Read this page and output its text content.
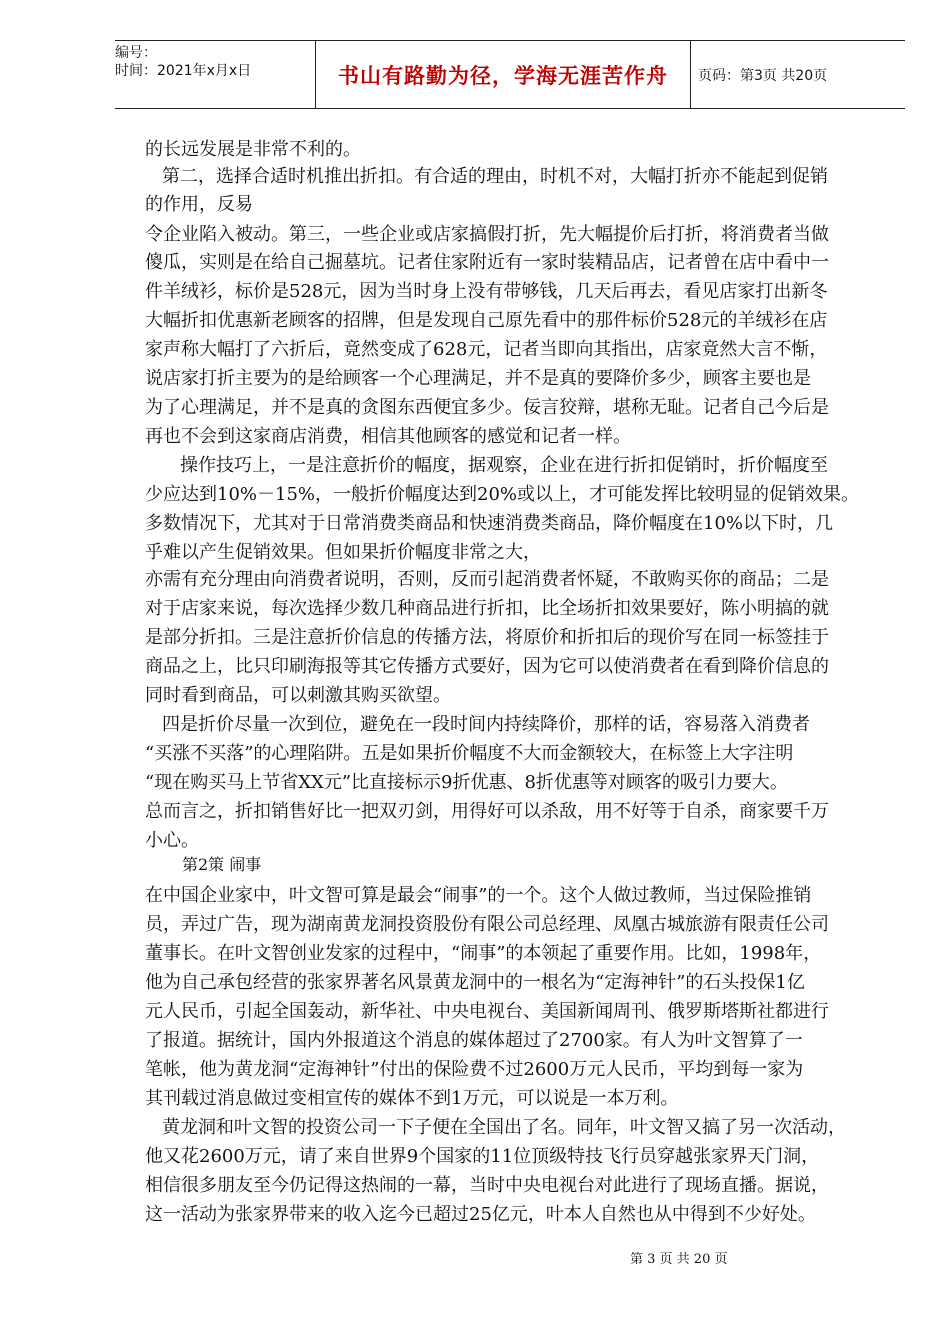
编号：
时间：2021年x月x日	书山有路勤为径，学海无涯苦作舟	页码：第3页 共20页
的长远发展是非常不利的。
第二，选择合适时机推出折扣。有合适的理由，时机不对，大幅打折亦不能起到促销
的作用，反易
令企业陷入被动。第三，一些企业或店家搞假打折，先大幅提价后打折，将消费者当做
傻瓜，实则是在给自己掘墓坑。记者住家附近有一家时装精品店，记者曾在店中看中一
件羊绒衫，标价是528元，因为当时身上没有带够钱，几天后再去，看见店家打出新冬
大幅折扣优惠新老顾客的招牌，但是发现自己原先看中的那件标价528元的羊绒衫在店
家声称大幅打了六折后，竟然变成了628元，记者当即向其指出，店家竟然大言不惭，
说店家打折主要为的是给顾客一个心理满足，并不是真的要降价多少，顾客主要也是
为了心理满足，并不是真的贪图东西便宜多少。佞言狡辩，堪称无耻。记者自己今后是
再也不会到这家商店消费，相信其他顾客的感觉和记者一样。
操作技巧上，一是注意折价的幅度，据观察，企业在进行折扣促销时，折价幅度至
少应达到10%－15%，一般折价幅度达到20%或以上，才可能发挥比较明显的促销效果。
多数情况下，尤其对于日常消费类商品和快速消费类商品，降价幅度在10%以下时，几
乎难以产生促销效果。但如果折价幅度非常之大，
亦需有充分理由向消费者说明，否则，反而引起消费者怀疑，不敢购买你的商品；二是
对于店家来说，每次选择少数几种商品进行折扣，比全场折扣效果要好，陈小明搞的就
是部分折扣。三是注意折价信息的传播方法，将原价和折扣后的现价写在同一标签挂于
商品之上，比只印刷海报等其它传播方式要好，因为它可以使消费者在看到降价信息的
同时看到商品，可以刺激其购买欲望。
四是折价尽量一次到位，避免在一段时间内持续降价，那样的话，容易落入消费者
“买涨不买落”的心理陷阱。五是如果折价幅度不大而金额较大，在标签上大字注明
“现在购买马上节省XX元”比直接标示9折优惠、8折优惠等对顾客的吸引力要大。
总而言之，折扣销售好比一把双刃剑，用得好可以杀敌，用不好等于自杀，商家要千万
小心。
第2策 闹事
在中国企业家中，叶文智可算是最会“闹事”的一个。这个人做过教师，当过保险推销
员，弄过广告，现为湖南黄龙洞投资股份有限公司总经理、凤凰古城旅游有限责任公司
董事长。在叶文智创业发家的过程中，“闹事”的本领起了重要作用。比如，1998年，
他为自己承包经营的张家界著名风景黄龙洞中的一根名为“定海神针”的石头投保1亿
元人民币，引起全国轰动，新华社、中央电视台、美国新闻周刊、俄罗斯塔斯社都进行
了报道。据统计，国内外报道这个消息的媒体超过了2700家。有人为叶文智算了一
笔帐，他为黄龙洞“定海神针”付出的保险费不过2600万元人民币，平均到每一家为
其刊载过消息做过变相宣传的媒体不到1万元，可以说是一本万利。
黄龙洞和叶文智的投资公司一下子便在全国出了名。同年，叶文智又搞了另一次活动，
他又花2600万元，请了来自世界9个国家的11位顶级特技飞行员穿越张家界天门洞，
相信很多朋友至今仍记得这热闹的一幕，当时中央电视台对此进行了现场直播。据说，
这一活动为张家界带来的收入迄今已超过25亿元，叶本人自然也从中得到不少好处。
第 3 页 共 20 页
